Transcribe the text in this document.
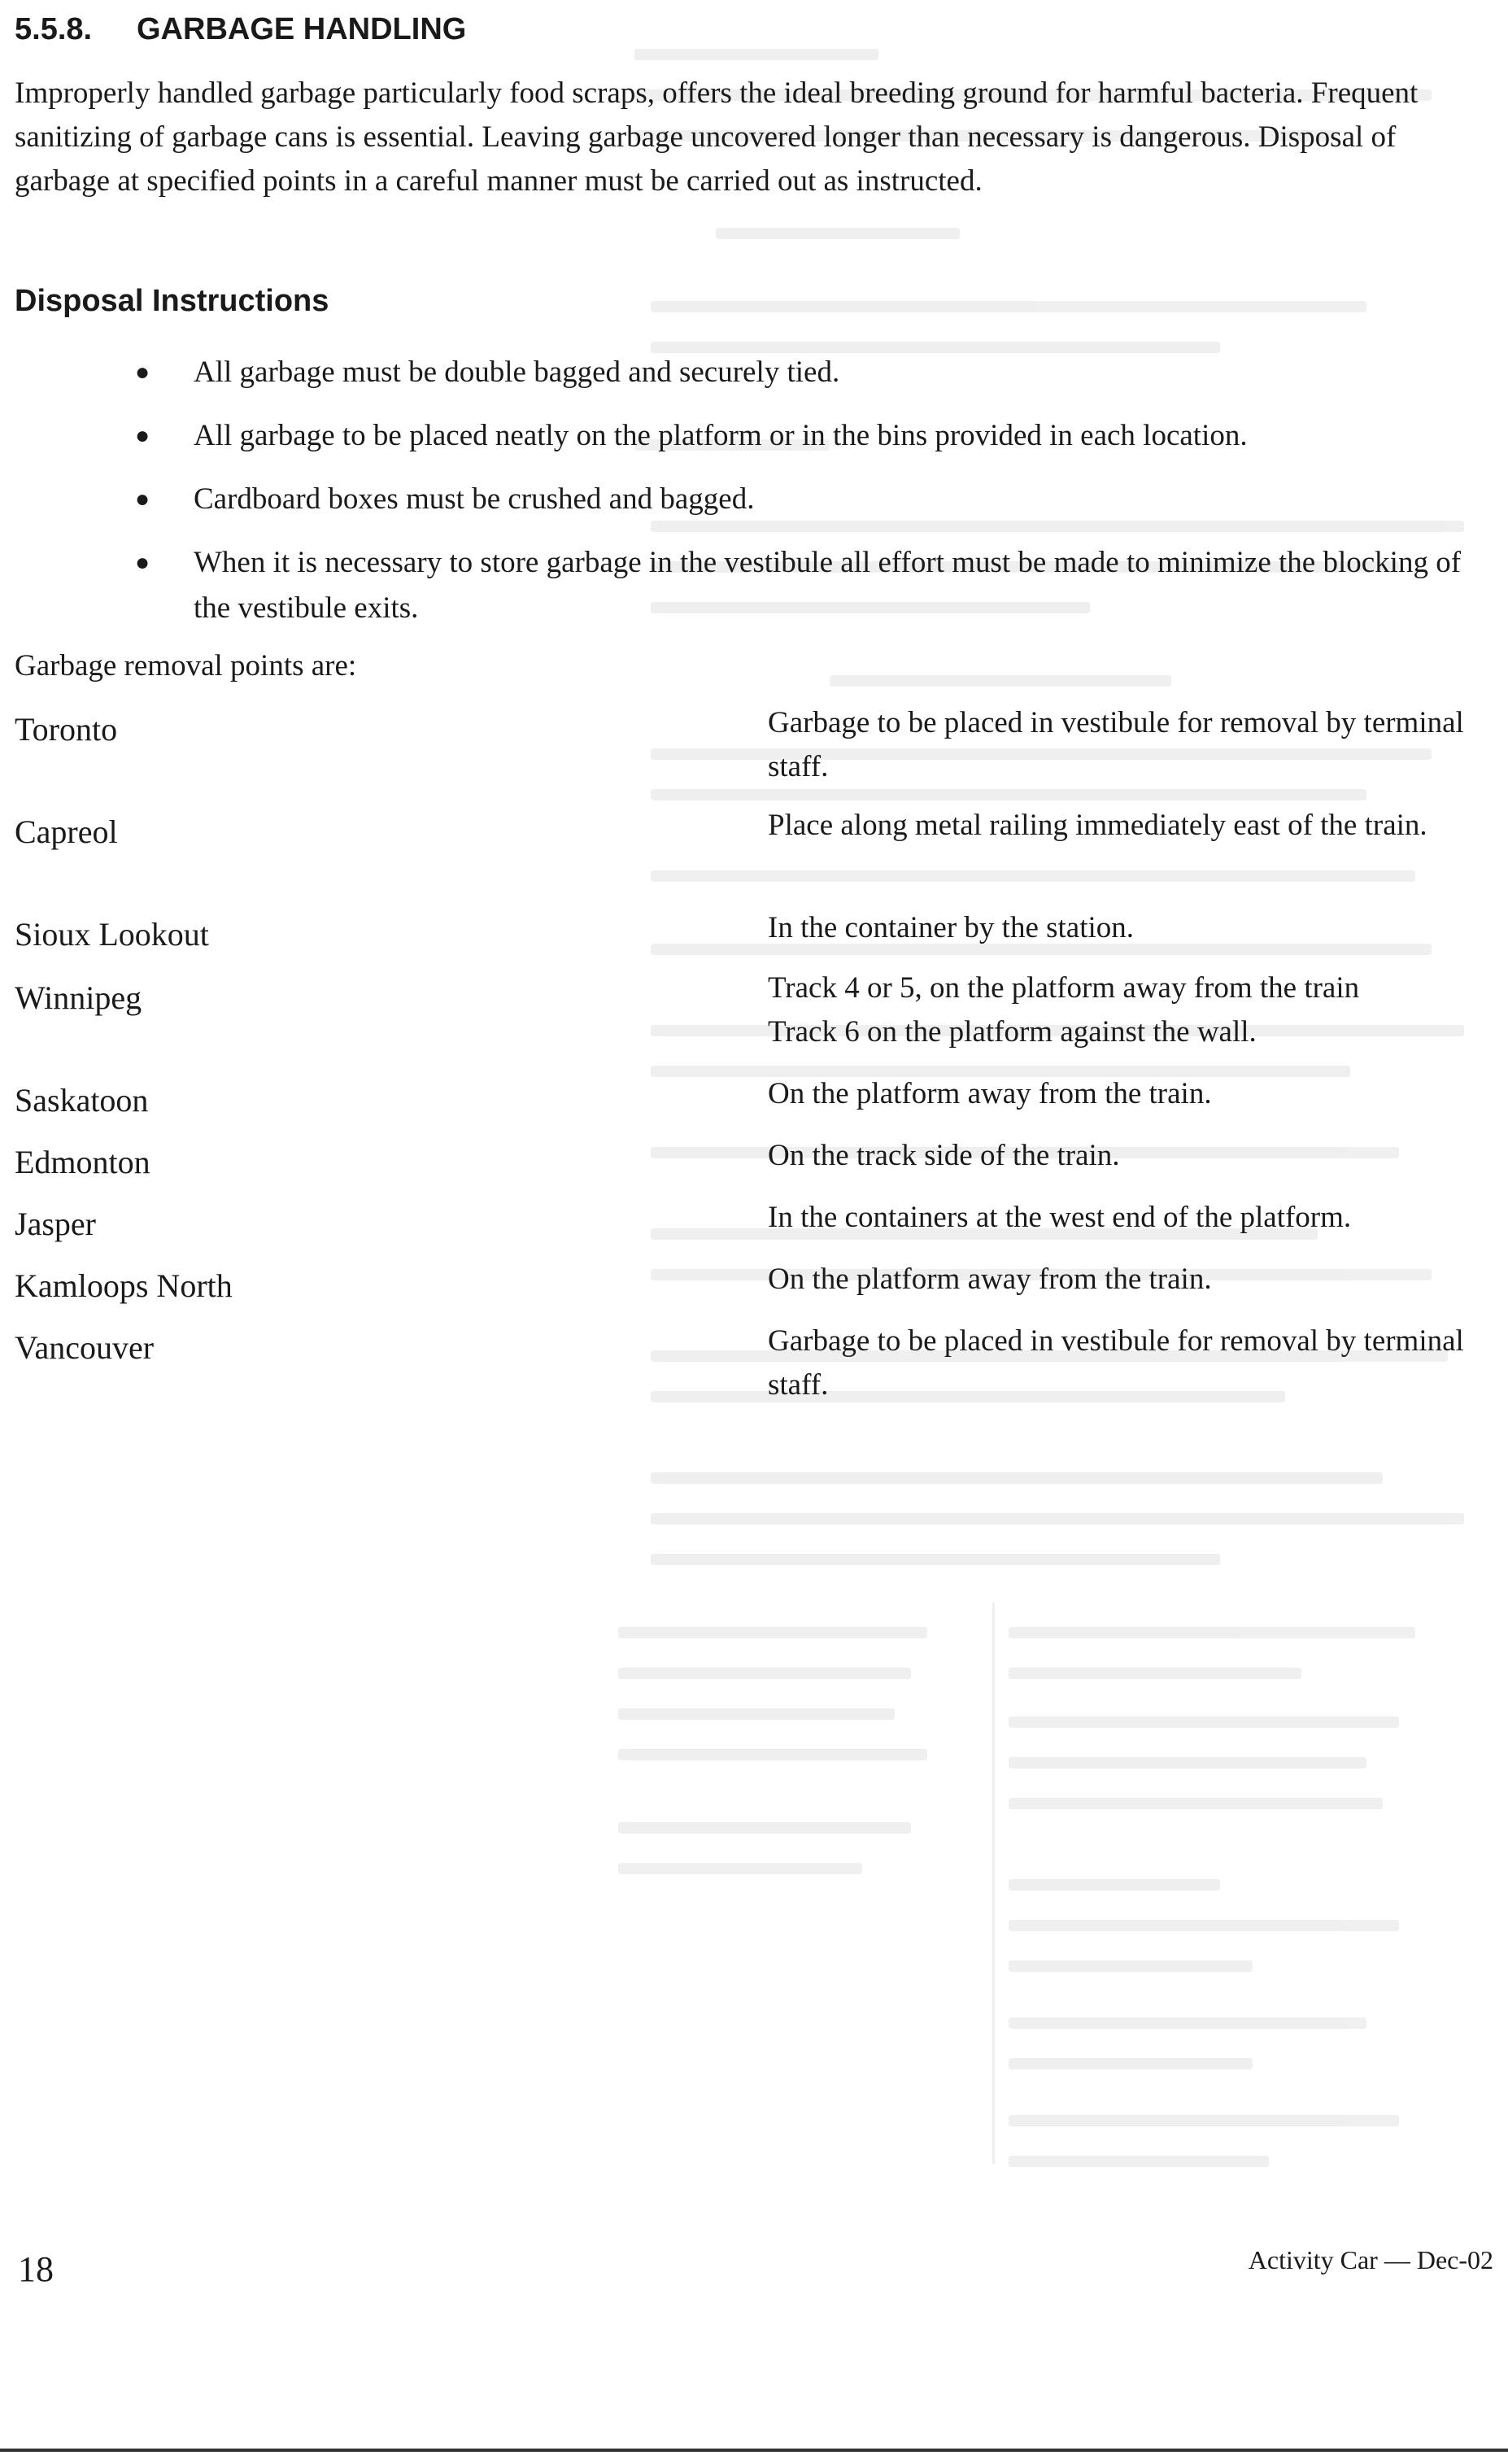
5.5.8. GARBAGE HANDLING

Improperly handled garbage particularly food scraps, offers the ideal breeding ground for harmful bacteria. Frequent sanitizing of garbage cans is essential. Leaving garbage uncovered longer than necessary is dangerous. Disposal of garbage at specified points in a careful manner must be carried out as instructed.

Disposal Instructions
● All garbage must be double bagged and securely tied.
● All garbage to be placed neatly on the platform or in the bins provided in each location.
● Cardboard boxes must be crushed and bagged.
● When it is necessary to store garbage in the vestibule all effort must be made to minimize the blocking of the vestibule exits.

Garbage removal points are:

Toronto	Garbage to be placed in vestibule for removal by terminal staff.

Capreol	Place along metal railing immediately east of the train.

Sioux Lookout	In the container by the station.

Winnipeg	Track 4 or 5, on the platform away from the train

Track 6 on the platform against the wall.

Saskatoon	On the platform away from the train.

Edmonton	On the track side of the train.

Jasper	In the containers at the west end of the platform.

Kamloops North	On the platform away from the train.

Vancouver	Garbage to be placed in vestibule for removal by terminal staff.

18	Activity Car — Dec-02
